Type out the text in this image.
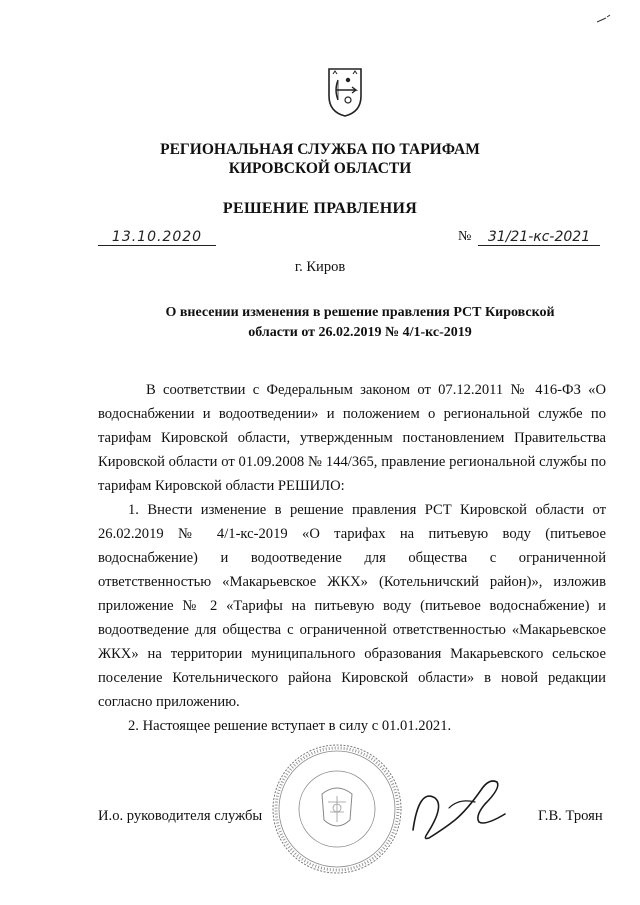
РЕГИОНАЛЬНАЯ СЛУЖБА ПО ТАРИФАМ
КИРОВСКОЙ ОБЛАСТИ
РЕШЕНИЕ ПРАВЛЕНИЯ
13.10.2020	№	31/21-кс-2021
г. Киров
О внесении изменения в решение правления РСТ Кировской
области от 26.02.2019 № 4/1-кс-2019

В соответствии с Федеральным законом от 07.12.2011 № 416-ФЗ «О водоснабжении и водоотведении» и положением о региональной службе по тарифам Кировской области, утвержденным постановлением Правительства Кировской области от 01.09.2008 № 144/365, правление региональной службы по тарифам Кировской области РЕШИЛО:

1. Внести изменение в решение правления РСТ Кировской области от 26.02.2019 № 4/1-кс-2019 «О тарифах на питьевую воду (питьевое водоснабжение) и водоотведение для общества с ограниченной ответственностью «Макарьевское ЖКХ» (Котельничский район)», изложив приложение № 2 «Тарифы на питьевую воду (питьевое водоснабжение) и водоотведение для общества с ограниченной ответственностью «Макарьевское ЖКХ» на территории муниципального образования Макарьевского сельское поселение Котельнического района Кировской области» в новой редакции согласно приложению.

2. Настоящее решение вступает в силу с 01.01.2021.

И.о. руководителя службы	Г.В. Троян
